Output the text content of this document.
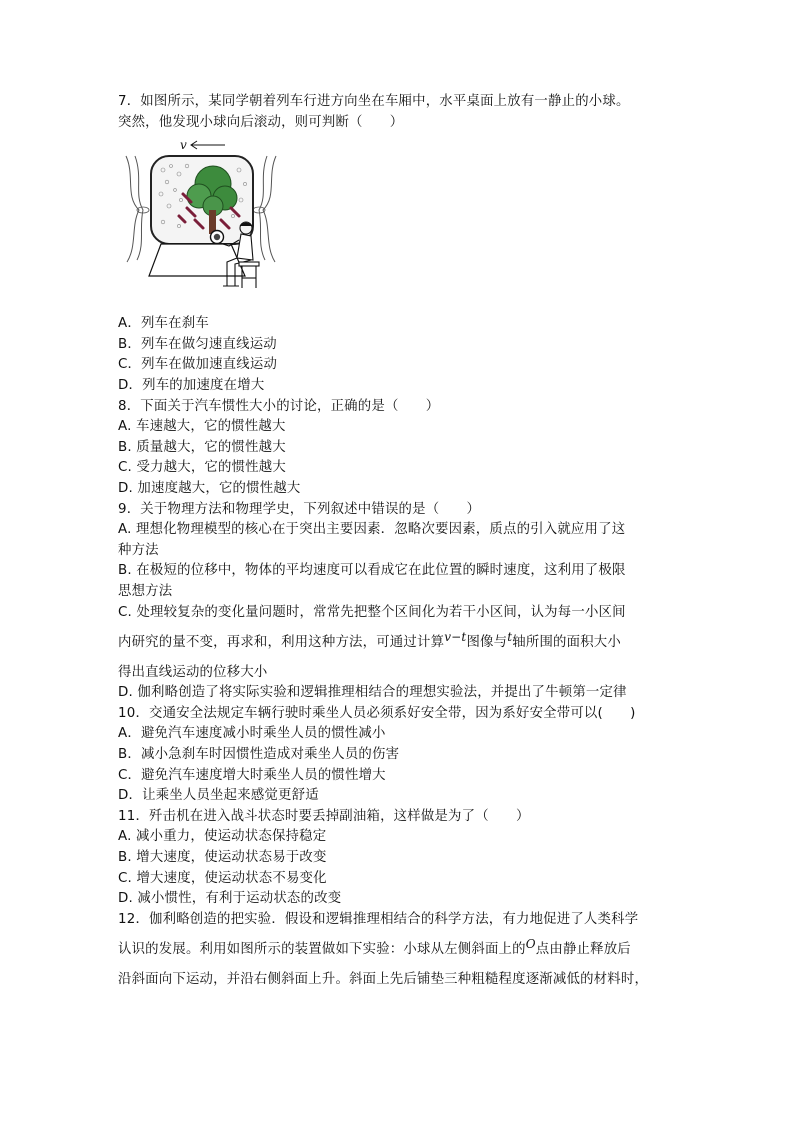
7．如图所示，某同学朝着列车行进方向坐在车厢中，水平桌面上放有一静止的小球。
突然，他发现小球向后滚动，则可判断（　　）
v
A．列车在刹车
B．列车在做匀速直线运动
C．列车在做加速直线运动
D．列车的加速度在增大
8．下面关于汽车惯性大小的讨论，正确的是（　　）
A. 车速越大，它的惯性越大
B. 质量越大，它的惯性越大
C. 受力越大，它的惯性越大
D. 加速度越大，它的惯性越大
9．关于物理方法和物理学史，下列叙述中错误的是（　　）
A. 理想化物理模型的核心在于突出主要因素．忽略次要因素，质点的引入就应用了这
种方法
B. 在极短的位移中，物体的平均速度可以看成它在此位置的瞬时速度，这利用了极限
思想方法
C. 处理较复杂的变化量问题时，常常先把整个区间化为若干小区间，认为每一小区间
内研究的量不变，再求和，利用这种方法，可通过计算v−t图像与t轴所围的面积大小
得出直线运动的位移大小
D. 伽利略创造了将实际实验和逻辑推理相结合的理想实验法，并提出了牛顿第一定律
10．交通安全法规定车辆行驶时乘坐人员必须系好安全带，因为系好安全带可以(　　)
A．避免汽车速度减小时乘坐人员的惯性减小
B．减小急刹车时因惯性造成对乘坐人员的伤害
C．避免汽车速度增大时乘坐人员的惯性增大
D．让乘坐人员坐起来感觉更舒适
11．歼击机在进入战斗状态时要丢掉副油箱，这样做是为了（　　）
A. 减小重力，使运动状态保持稳定
B. 增大速度，使运动状态易于改变
C. 增大速度，使运动状态不易变化
D. 减小惯性，有利于运动状态的改变
12．伽利略创造的把实验．假设和逻辑推理相结合的科学方法，有力地促进了人类科学
认识的发展。利用如图所示的装置做如下实验：小球从左侧斜面上的O点由静止释放后
沿斜面向下运动，并沿右侧斜面上升。斜面上先后铺垫三种粗糙程度逐渐减低的材料时，
